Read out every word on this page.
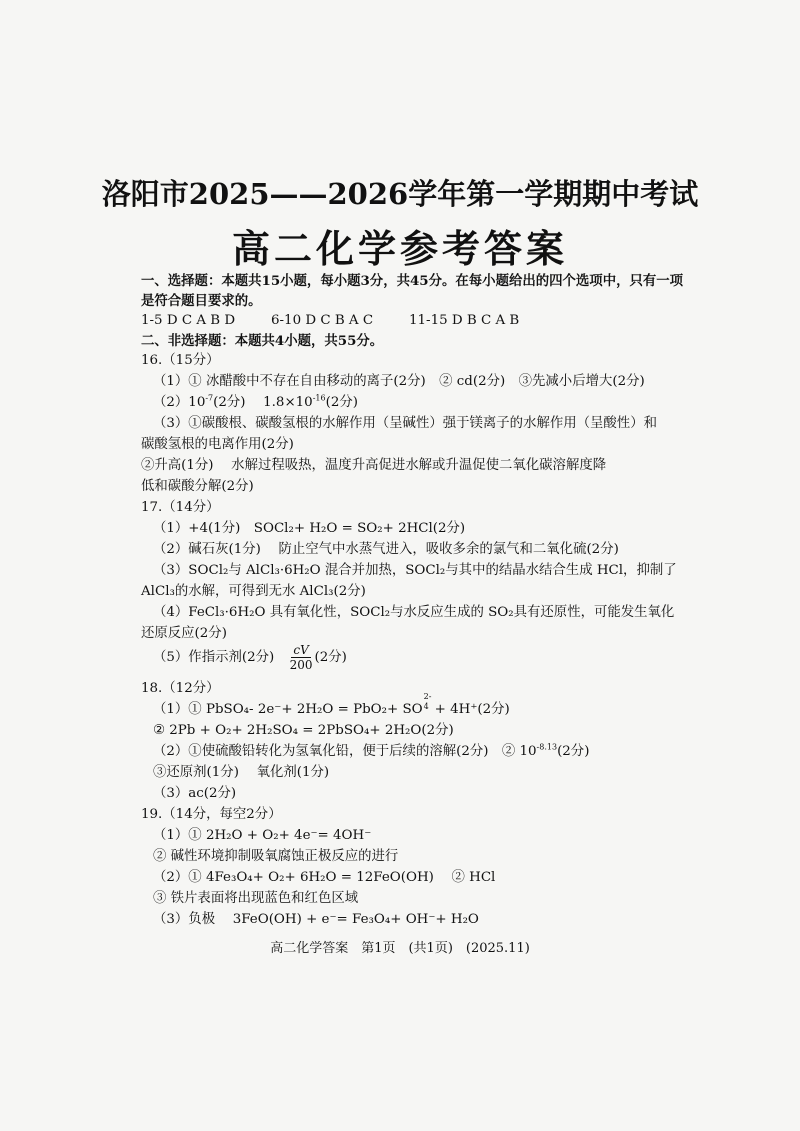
洛阳市2025——2026学年第一学期期中考试
高二化学参考答案
一、选择题：本题共15小题，每小题3分，共45分。在每小题给出的四个选项中，只有一项
是符合题目要求的。
1-5 D C A B D	6-10 D C B A C	11-15 D B C A B
二、非选择题：本题共4小题，共55分。
16.（15分）
（1）① 冰醋酸中不存在自由移动的离子(2分)　② cd(2分)　③先减小后增大(2分)
$(2)10^{-7}(2$分)　 $1.8\times 10^{-16}(2$分)
（3）①碳酸根、碳酸氢根的水解作用（呈碱性）强于镁离子的水解作用（呈酸性）和
碳酸氢根的电离作用(2分)
②升高(1分)　 水解过程吸热，温度升高促进水解或升温促使二氧化碳溶解度降
低和碳酸分解(2分)
17.（14分）
（1）+4(1分)　SOCl₂+ H₂O = SO₂+ 2HCl(2分)
（2）碱石灰(1分)　 防止空气中水蒸气进入，吸收多余的氯气和二氧化硫(2分)
（3）SOCl₂与 AlCl₃·6H₂O 混合并加热，SOCl₂与其中的结晶水结合生成 HCl，抑制了
AlCl₃的水解，可得到无水 AlCl₃(2分)
（4）FeCl₃·6H₂O 具有氧化性，SOCl₂与水反应生成的 SO₂具有还原性，可能发生氧化
还原反应(2分)
（5）作指示剂(2分)　 $\frac{cV}{200} (2$分)
18.（12分）
（1）① PbSO₄- 2e⁻+ 2H₂O = PbO₂+ SO
2-
4 + 4H⁺(2分)
② 2Pb + O₂+ 2H₂SO₄ = 2PbSO₄+ 2H₂O(2分)
（2）①使硫酸铅转化为氢氧化铅，便于后续的溶解(2分)　② $10^{-8.13}(2$分)
③还原剂(1分)　 氧化剂(1分)
（3）ac(2分)
19.（14分，每空2分）
（1）① 2H₂O + O₂+ 4e⁻= 4OH⁻
② 碱性环境抑制吸氧腐蚀正极反应的进行
（2）① 4Fe₃O₄+ O₂+ 6H₂O = 12FeO(OH)　 ② HCl
③ 铁片表面将出现蓝色和红色区域
（3）负极　 3FeO(OH) + e⁻= Fe₃O₄+ OH⁻+ H₂O
高二化学答案　第1页　(共1页)　(2025.11)
